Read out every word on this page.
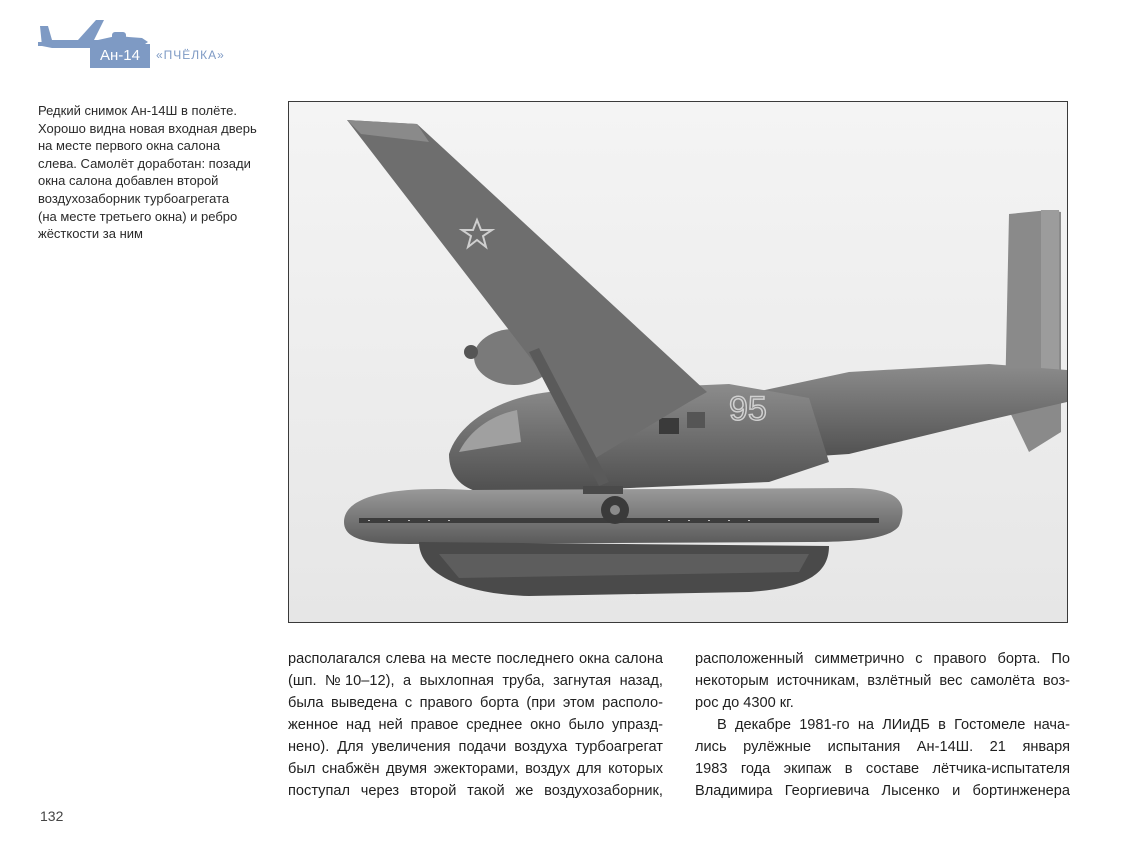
Ан-14	«ПЧЁЛКА»
Редкий снимок Ан-14Ш в полёте.
Хорошо видна новая входная дверь
на месте первого окна салона
слева. Самолёт доработан: позади
окна салона добавлен второй
воздухозаборник турбоагрегата
(на месте третьего окна) и ребро
жёсткости за ним
95
располагался слева на месте последнего окна салона
(шп. №10–12), а выхлопная труба, загнутая назад,
была выведена с правого борта (при этом располо-
женное над ней правое среднее окно было упразд-
нено). Для увеличения подачи воздуха турбоагрегат
был снабжён двумя эжекторами, воздух для которых
поступал через второй такой же воздухозаборник,
расположенный симметрично с правого борта. По
некоторым источникам, взлётный вес самолёта воз-
рос до 4300 кг.
В декабре 1981-го на ЛИиДБ в Гостомеле нача-
лись рулёжные испытания Ан-14Ш. 21 января
1983 года экипаж в составе лётчика-испытателя
Владимира Георгиевича Лысенко и бортинженера
132
